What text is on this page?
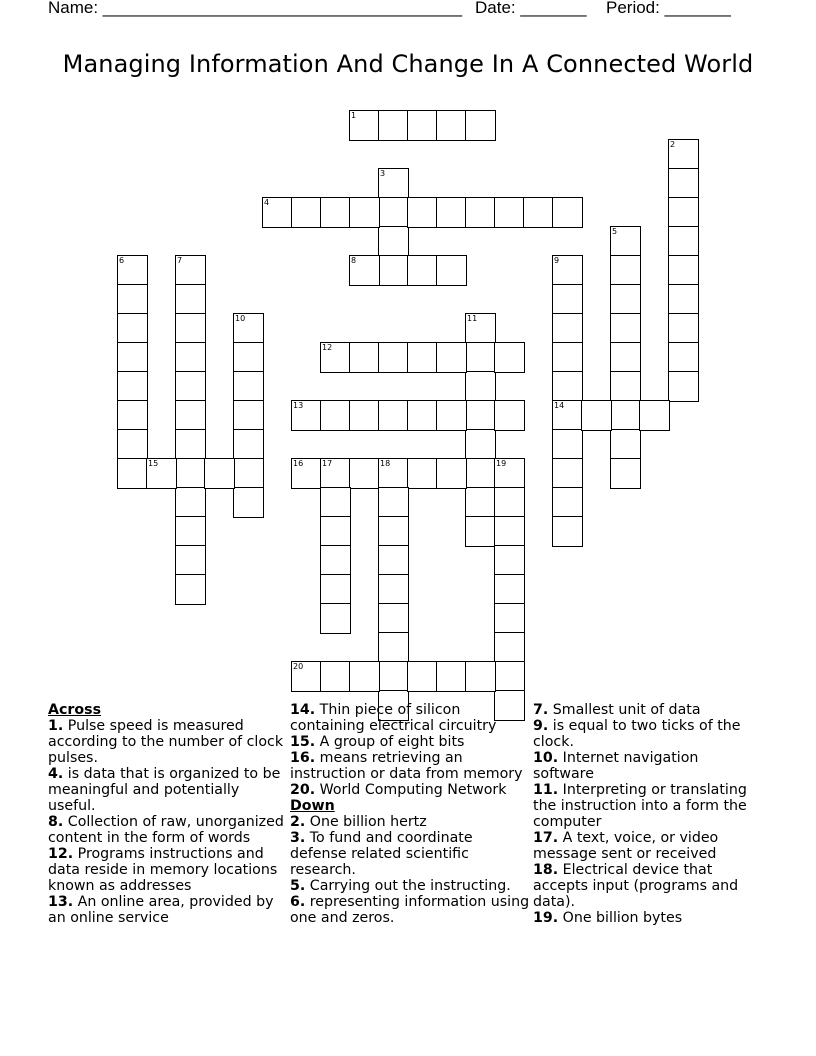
Name: ______________________________________ Date: _______ Period: _______
Managing Information And Change In A Connected World
1
2
3
4
5
6	7	8	9
10	11
12
13	14
15	16 17	18	19
20
Across
1. Pulse speed is measured according to the number of clock pulses.
4. is data that is organized to be meaningful and potentially useful.
8. Collection of raw, unorganized content in the form of words
12. Programs instructions and data reside in memory locations known as addresses
13. An online area, provided by an online service
14. Thin piece of silicon containing electrical circuitry
15. A group of eight bits
16. means retrieving an instruction or data from memory
20. World Computing Network
Down
2. One billion hertz
3. To fund and coordinate defense related scientific research.
5. Carrying out the instructing.
6. representing information using one and zeros.
7. Smallest unit of data
9. is equal to two ticks of the clock.
10. Internet navigation software
11. Interpreting or translating the instruction into a form the computer
17. A text, voice, or video message sent or received
18. Electrical device that accepts input (programs and data).
19. One billion bytes
